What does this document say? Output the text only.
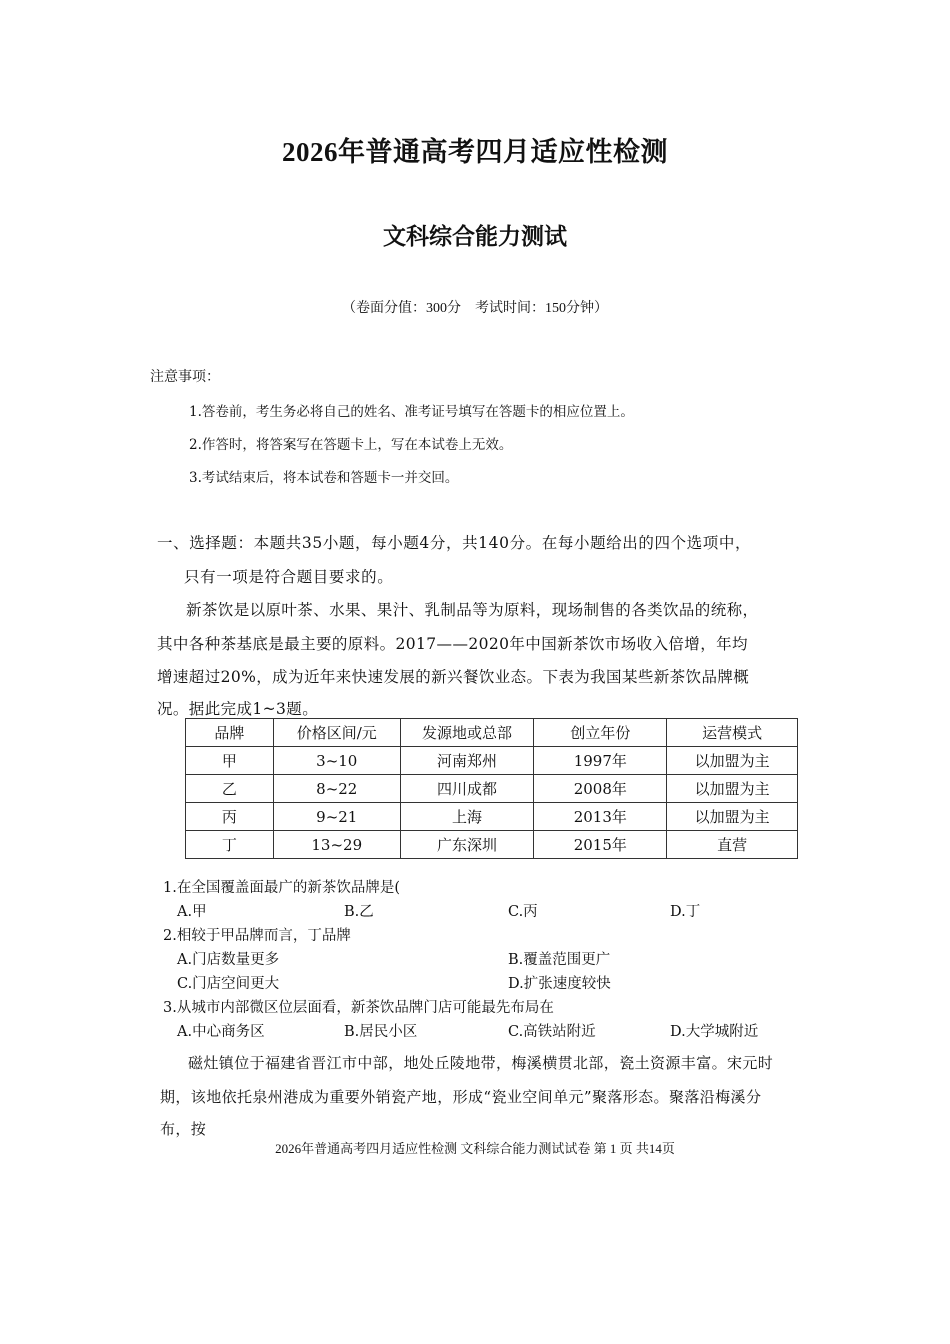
2026年普通高考四月适应性检测
文科综合能力测试
（卷面分值：300分　考试时间：150分钟）
注意事项：
1.答卷前，考生务必将自己的姓名、准考证号填写在答题卡的相应位置上。
2.作答时，将答案写在答题卡上，写在本试卷上无效。
3.考试结束后，将本试卷和答题卡一并交回。
一、选择题：本题共35小题，每小题4分，共140分。在每小题给出的四个选项中，
只有一项是符合题目要求的。
新茶饮是以原叶茶、水果、果汁、乳制品等为原料，现场制售的各类饮品的统称，
其中各种茶基底是最主要的原料。2017——2020年中国新茶饮市场收入倍增，年均
增速超过20%，成为近年来快速发展的新兴餐饮业态。下表为我国某些新茶饮品牌概
况。据此完成1~3题。
品牌	价格区间/元	发源地或总部	创立年份	运营模式
甲	3~10	河南郑州	1997年	以加盟为主
乙	8~22	四川成都	2008年	以加盟为主
丙	9~21	上海	2013年	以加盟为主
丁	13~29	广东深圳	2015年	直营
1.在全国覆盖面最广的新茶饮品牌是(
A.甲	B.乙	C.丙	D.丁
2.相较于甲品牌而言，丁品牌
A.门店数量更多	B.覆盖范围更广
C.门店空间更大	D.扩张速度较快
3.从城市内部微区位层面看，新茶饮品牌门店可能最先布局在
A.中心商务区	B.居民小区	C.高铁站附近	D.大学城附近
磁灶镇位于福建省晋江市中部，地处丘陵地带，梅溪横贯北部，瓷土资源丰富。宋元时
期，该地依托泉州港成为重要外销瓷产地，形成“瓷业空间单元”聚落形态。聚落沿梅溪分
布，按
2026年普通高考四月适应性检测 文科综合能力测试试卷 第 1 页 共14页
